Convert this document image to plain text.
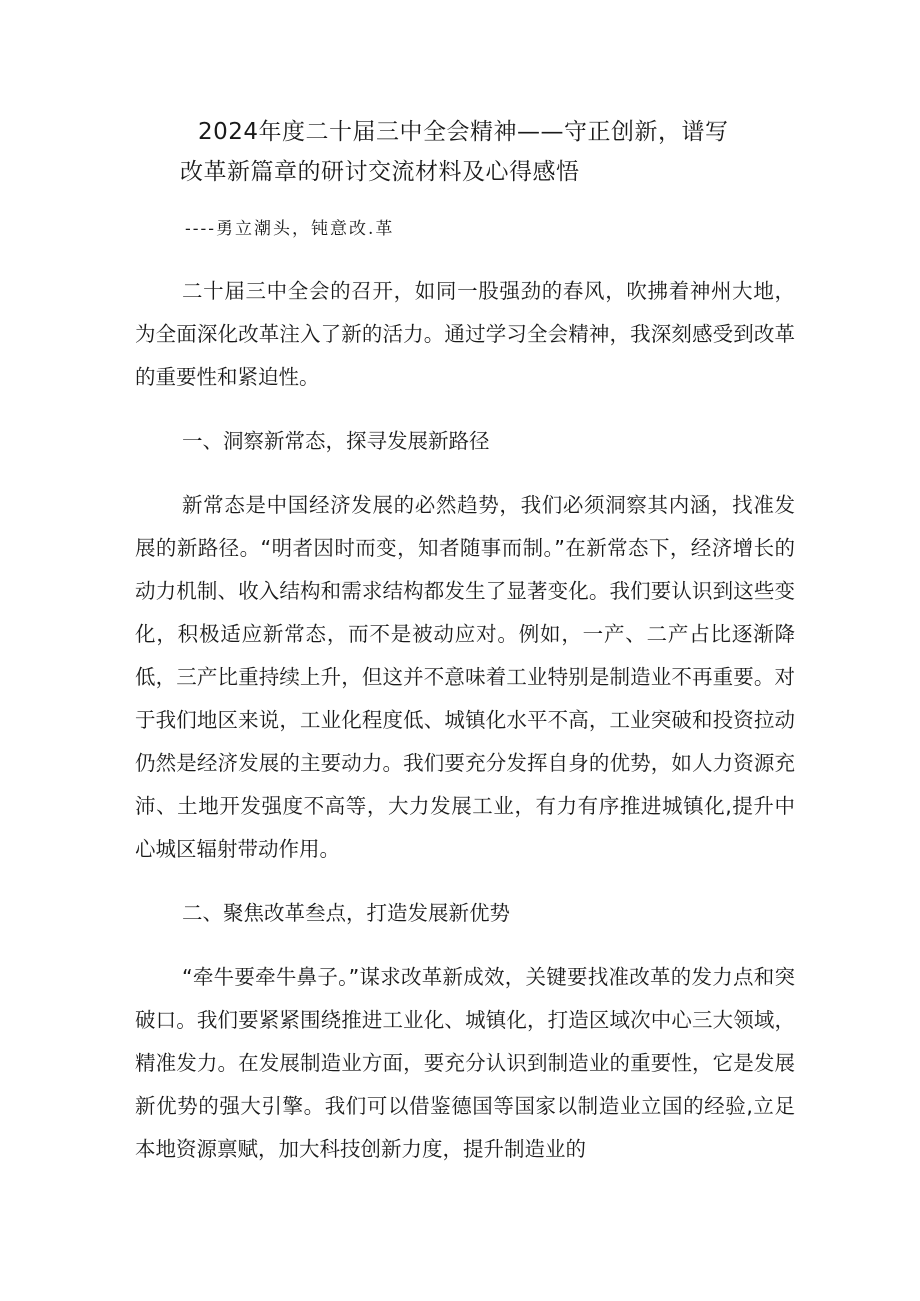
2024年度二十届三中全会精神——守正创新，谱写
改革新篇章的研讨交流材料及心得感悟
----勇立潮头，钝意改.革

二十届三中全会的召开，如同一股强劲的春风，吹拂着神州大地，为全面深化改革注入了新的活力。通过学习全会精神，我深刻感受到改革的重要性和紧迫性。

一、洞察新常态，探寻发展新路径

新常态是中国经济发展的必然趋势，我们必须洞察其内涵，找准发展的新路径。“明者因时而变，知者随事而制。”在新常态下，经济增长的动力机制、收入结构和需求结构都发生了显著变化。我们要认识到这些变化，积极适应新常态，而不是被动应对。例如，一产、二产占比逐渐降低，三产比重持续上升，但这并不意味着工业特别是制造业不再重要。对于我们地区来说，工业化程度低、城镇化水平不高，工业突破和投资拉动仍然是经济发展的主要动力。我们要充分发挥自身的优势，如人力资源充沛、土地开发强度不高等，大力发展工业，有力有序推进城镇化,提升中心城区辐射带动作用。

二、聚焦改革叁点，打造发展新优势

“牵牛要牵牛鼻子。”谋求改革新成效，关键要找准改革的发力点和突破口。我们要紧紧围绕推进工业化、城镇化，打造区域次中心三大领域，精准发力。在发展制造业方面，要充分认识到制造业的重要性，它是发展新优势的强大引擎。我们可以借鉴德国等国家以制造业立国的经验,立足本地资源禀赋，加大科技创新力度，提升制造业的
